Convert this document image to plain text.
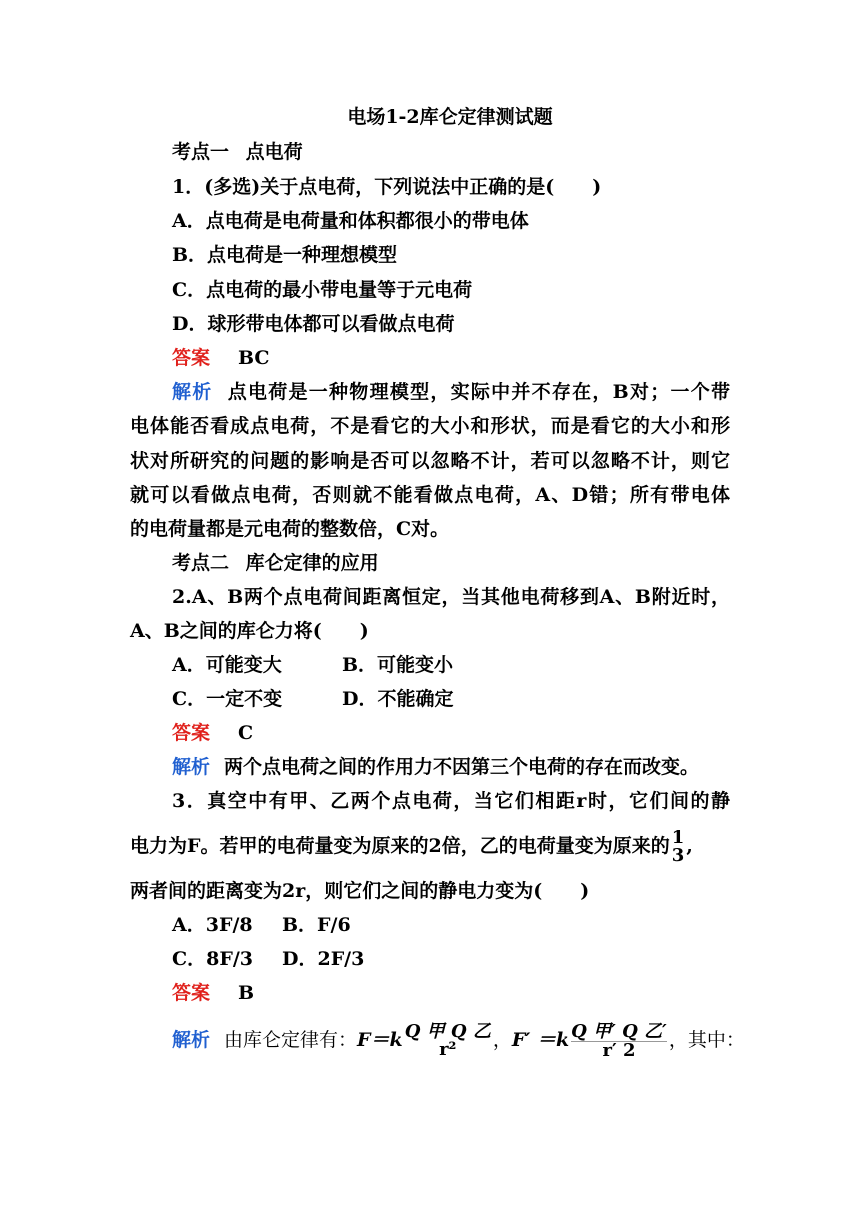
电场1-2库仑定律测试题
考点一 点电荷
1．(多选)关于点电荷，下列说法中正确的是(　　)
A．点电荷是电荷量和体积都很小的带电体
B．点电荷是一种理想模型
C．点电荷的最小带电量等于元电荷
D．球形带电体都可以看做点电荷
答案 BC
解析 点电荷是一种物理模型，实际中并不存在，B对；一个带
电体能否看成点电荷，不是看它的大小和形状，而是看它的大小和形
状对所研究的问题的影响是否可以忽略不计，若可以忽略不计，则它
就可以看做点电荷，否则就不能看做点电荷，A、D错；所有带电体
的电荷量都是元电荷的整数倍，C对。
考点二 库仑定律的应用
2.A、B两个点电荷间距离恒定，当其他电荷移到A、B附近时，
A、B之间的库仑力将(　　)
A．可能变大	B．可能变小
C．一定不变	D．不能确定
答案 C
解析 两个点电荷之间的作用力不因第三个电荷的存在而改变。
3．真空中有甲、乙两个点电荷，当它们相距r时，它们间的静
电力为F。若甲的电荷量变为原来的2倍，乙的电荷量变为原来的 1
3 ,
两者间的距离变为2r，则它们之间的静电力变为(　　)
A．3F/8 B．F/6
C．8F/3 D．2F/3
答案 B
解析 由库仑定律有：F＝k Q 甲 Q 乙
r²	，$F' =k \frac{\text{Q 甲′ Q 乙′}}{r' 2}$ ，其中：
